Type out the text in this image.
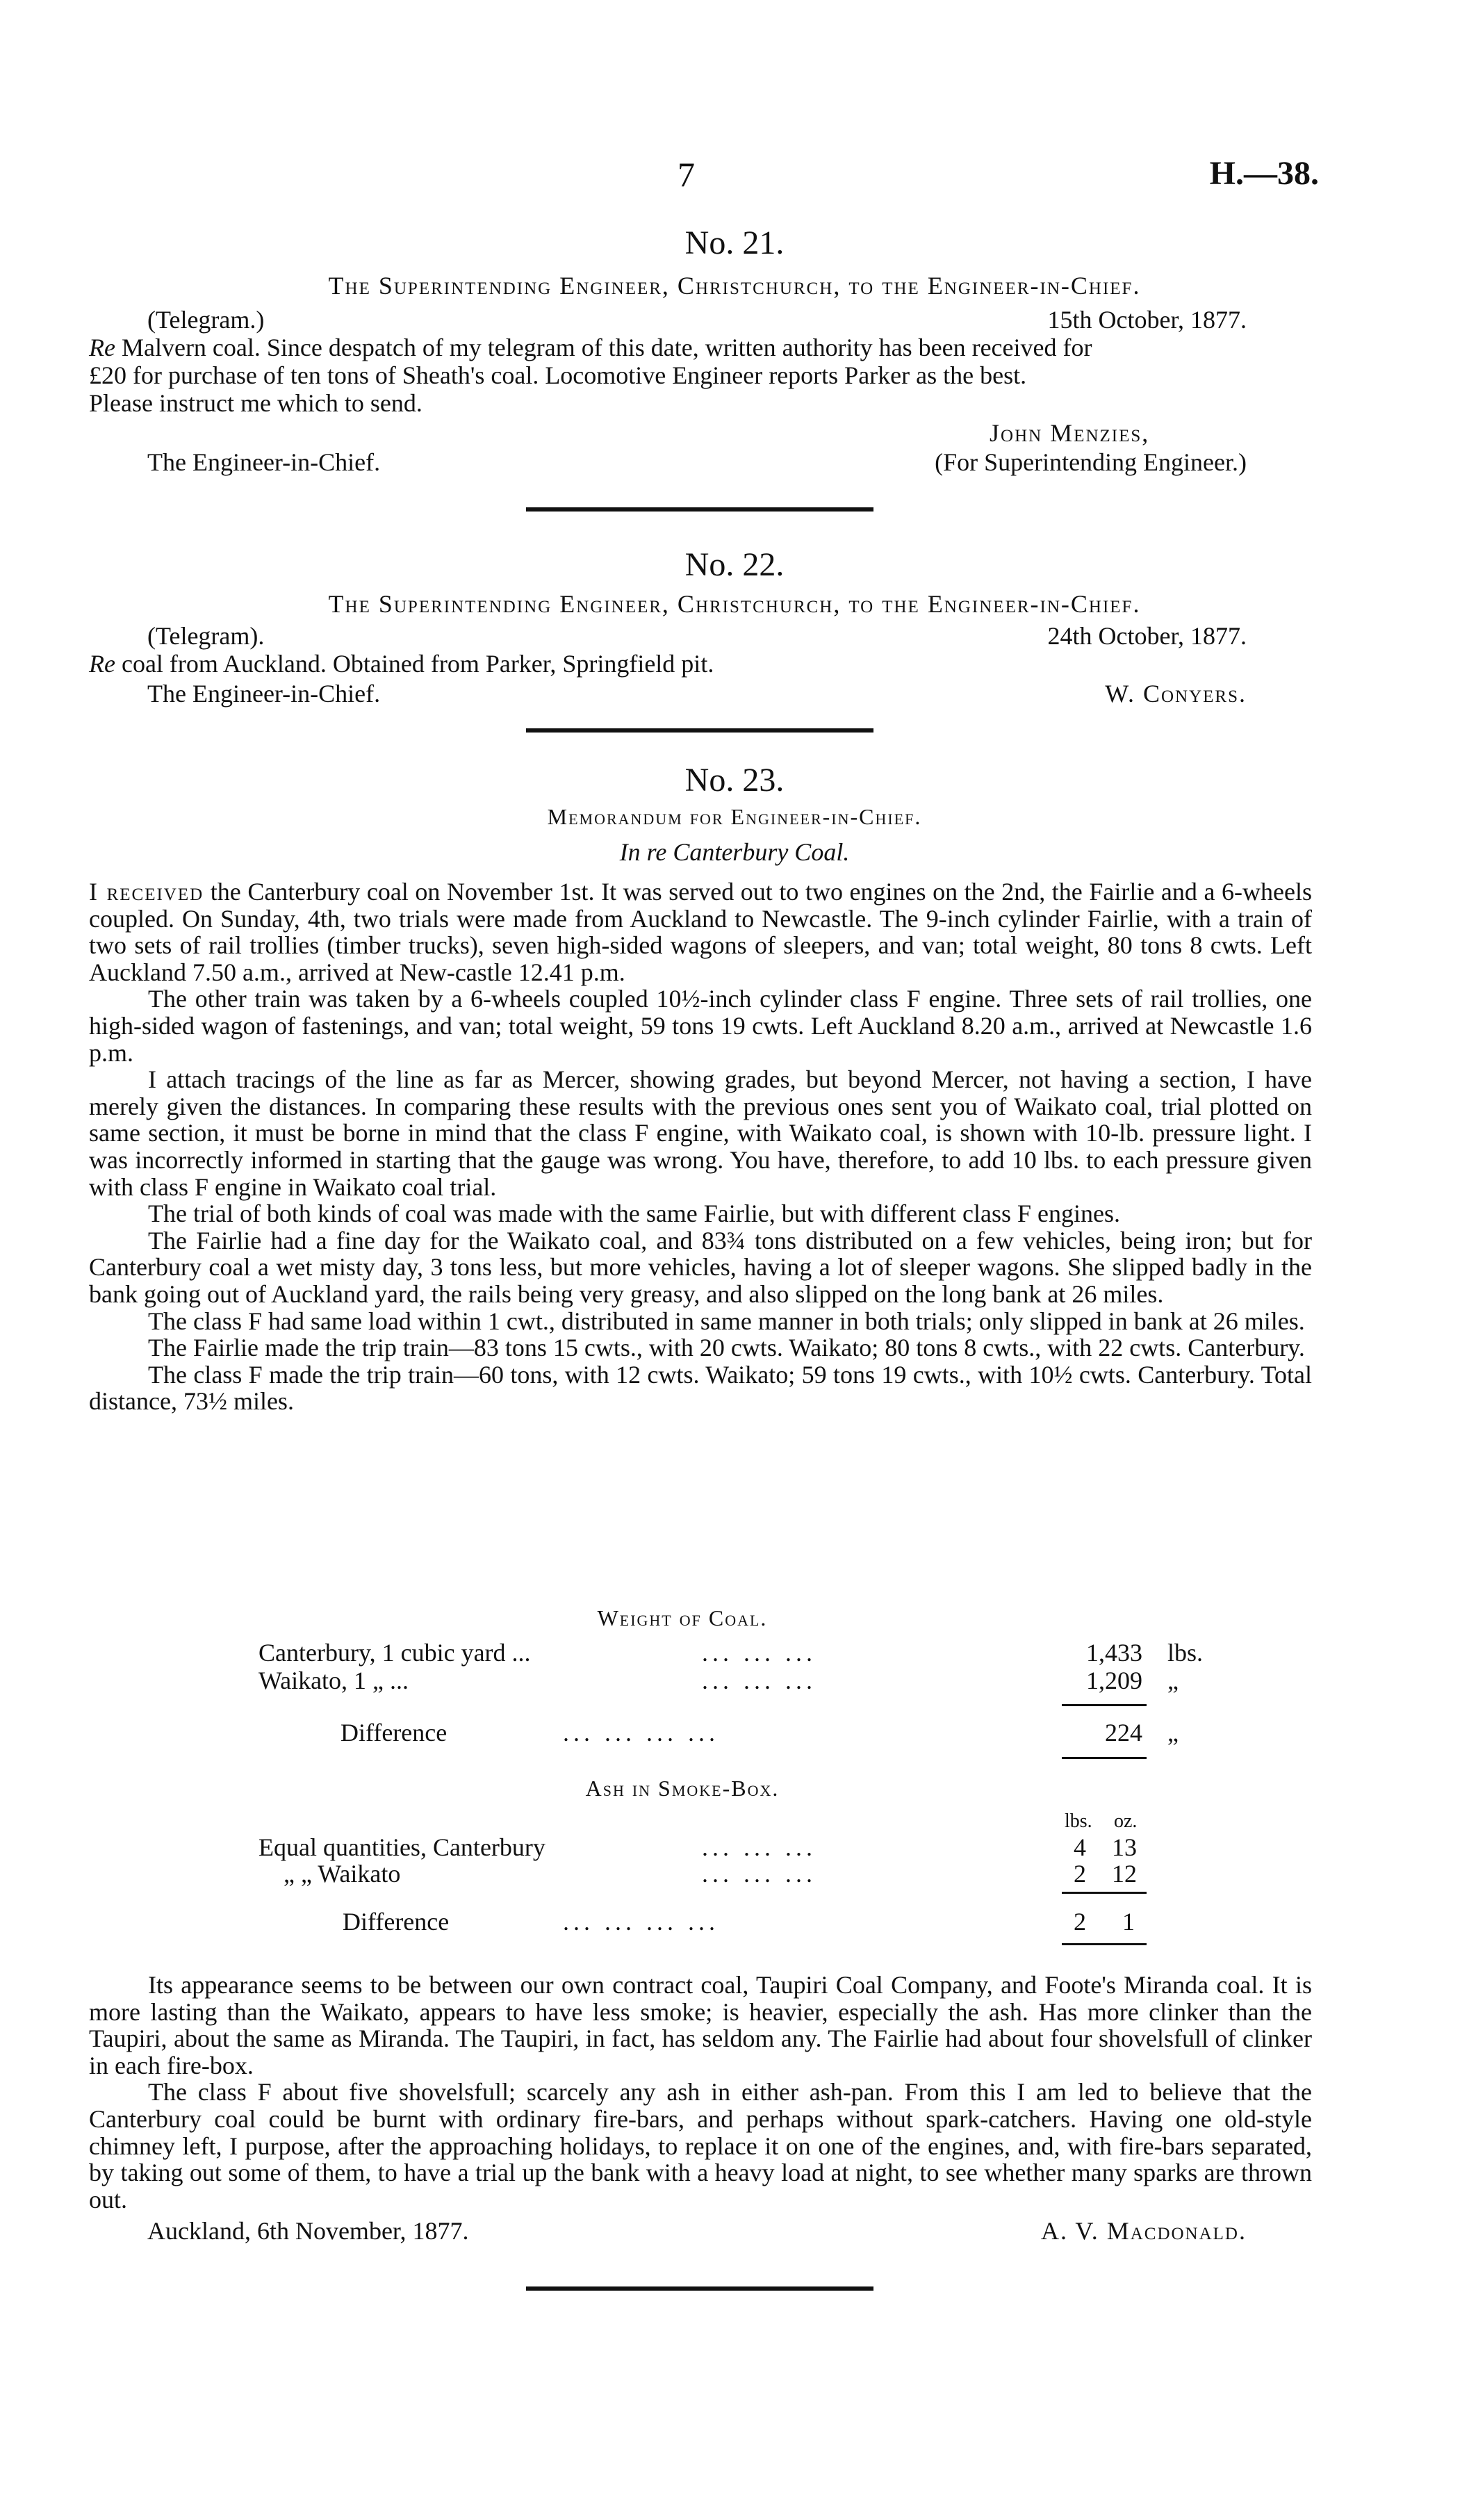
7	H.—38.
No. 21.
The Superintending Engineer, Christchurch, to the Engineer-in-Chief.
(Telegram.)	15th October, 1877.
Re Malvern coal. Since despatch of my telegram of this date, written authority has been received for
£20 for purchase of ten tons of Sheath's coal. Locomotive Engineer reports Parker as the best.
Please instruct me which to send.
John Menzies,
The Engineer-in-Chief.	(For Superintending Engineer.)
No. 22.
The Superintending Engineer, Christchurch, to the Engineer-in-Chief.
(Telegram).	24th October, 1877.
Re coal from Auckland. Obtained from Parker, Springfield pit.
The Engineer-in-Chief.	W. Conyers.
No. 23.
Memorandum for Engineer-in-Chief.
In re Canterbury Coal.

I received the Canterbury coal on November 1st. It was served out to two engines on the 2nd, the Fairlie and a 6-wheels coupled. On Sunday, 4th, two trials were made from Auckland to Newcastle. The 9-inch cylinder Fairlie, with a train of two sets of rail trollies (timber trucks), seven high-sided wagons of sleepers, and van; total weight, 80 tons 8 cwts. Left Auckland 7.50 a.m., arrived at New-castle 12.41 p.m.

The other train was taken by a 6-wheels coupled 10½-inch cylinder class F engine. Three sets of rail trollies, one high-sided wagon of fastenings, and van; total weight, 59 tons 19 cwts. Left Auckland 8.20 a.m., arrived at Newcastle 1.6 p.m.

I attach tracings of the line as far as Mercer, showing grades, but beyond Mercer, not having a section, I have merely given the distances. In comparing these results with the previous ones sent you of Waikato coal, trial plotted on same section, it must be borne in mind that the class F engine, with Waikato coal, is shown with 10-lb. pressure light. I was incorrectly informed in starting that the gauge was wrong. You have, therefore, to add 10 lbs. to each pressure given with class F engine in Waikato coal trial.

The trial of both kinds of coal was made with the same Fairlie, but with different class F engines.

The Fairlie had a fine day for the Waikato coal, and 83¾ tons distributed on a few vehicles, being iron; but for Canterbury coal a wet misty day, 3 tons less, but more vehicles, having a lot of sleeper wagons. She slipped badly in the bank going out of Auckland yard, the rails being very greasy, and also slipped on the long bank at 26 miles.

The class F had same load within 1 cwt., distributed in same manner in both trials; only slipped in bank at 26 miles.

The Fairlie made the trip train—83 tons 15 cwts., with 20 cwts. Waikato; 80 tons 8 cwts., with 22 cwts. Canterbury.

The class F made the trip train—60 tons, with 12 cwts. Waikato; 59 tons 19 cwts., with 10½ cwts. Canterbury. Total distance, 73½ miles.

Weight of Coal.
Canterbury, 1 cubic yard ...	... ... ...	1,433 lbs.
Waikato, 1 „ ...	... ... ...	1,209 „
Difference	... ... ... ...	224 „
Ash in Smoke-Box.
lbs. oz.
Equal quantities, Canterbury	... ... ...	4 13
„ „ Waikato	... ... ...	2 12
Difference	... ... ... ...	2 1

Its appearance seems to be between our own contract coal, Taupiri Coal Company, and Foote's Miranda coal. It is more lasting than the Waikato, appears to have less smoke; is heavier, especially the ash. Has more clinker than the Taupiri, about the same as Miranda. The Taupiri, in fact, has seldom any. The Fairlie had about four shovelsfull of clinker in each fire-box.

The class F about five shovelsfull; scarcely any ash in either ash-pan. From this I am led to believe that the Canterbury coal could be burnt with ordinary fire-bars, and perhaps without spark-catchers. Having one old-style chimney left, I purpose, after the approaching holidays, to replace it on one of the engines, and, with fire-bars separated, by taking out some of them, to have a trial up the bank with a heavy load at night, to see whether many sparks are thrown out.

Auckland, 6th November, 1877.	A. V. Macdonald.
